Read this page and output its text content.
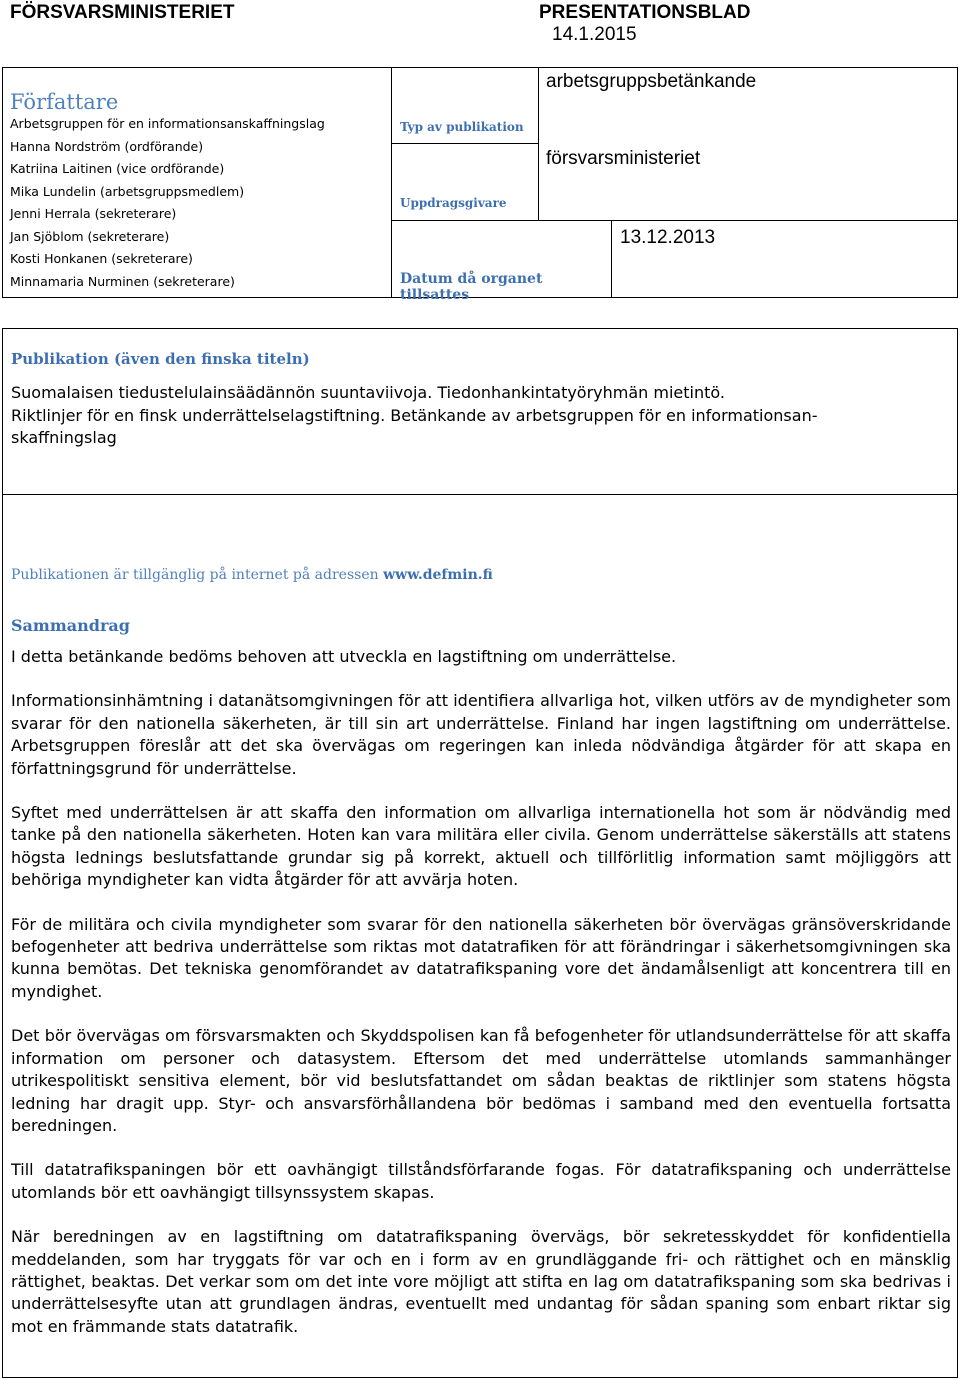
FÖRSVARSMINISTERIET	PRESENTATIONSBLAD
14.1.2015
Författare
Arbetsgruppen för en informationsanskaffningslag
Hanna Nordström (ordförande)
Katriina Laitinen (vice ordförande)
Mika Lundelin (arbetsgruppsmedlem)
Jenni Herrala (sekreterare)
Jan Sjöblom (sekreterare)
Kosti Honkanen (sekreterare)
Minnamaria Nurminen (sekreterare)
Typ av publikation
Uppdragsgivare
Datum då organet tillsattes
arbetsgruppsbetänkande
försvarsministeriet
13.12.2013
Publikation (även den finska titeln)
Suomalaisen tiedustelulainsäädännön suuntaviivoja. Tiedonhankintatyöryhmän mietintö.
Riktlinjer för en finsk underrättelselagstiftning. Betänkande av arbetsgruppen för en informationsan-
skaffningslag
Publikationen är tillgänglig på internet på adressen www.defmin.fi
Sammandrag

I detta betänkande bedöms behoven att utveckla en lagstiftning om underrättelse.

Informationsinhämtning i datanätsomgivningen för att identifiera allvarliga hot, vilken utförs av de myndigheter som svarar för den nationella säkerheten, är till sin art underrättelse. Finland har ingen lagstiftning om underrättelse. Arbetsgruppen föreslår att det ska övervägas om regeringen kan inleda nödvändiga åtgärder för att skapa en författningsgrund för underrättelse.

Syftet med underrättelsen är att skaffa den information om allvarliga internationella hot som är nödvändig med tanke på den nationella säkerheten. Hoten kan vara militära eller civila. Genom underrättelse säkerställs att statens högsta lednings beslutsfattande grundar sig på korrekt, aktuell och tillförlitlig information samt möjliggörs att behöriga myndigheter kan vidta åtgärder för att avvärja hoten.

För de militära och civila myndigheter som svarar för den nationella säkerheten bör övervägas gränsöverskridande befogenheter att bedriva underrättelse som riktas mot datatrafiken för att förändringar i säkerhetsomgivningen ska kunna bemötas. Det tekniska genomförandet av datatrafikspaning vore det ändamålsenligt att koncentrera till en myndighet.

Det bör övervägas om försvarsmakten och Skyddspolisen kan få befogenheter för utlandsunderrättelse för att skaffa information om personer och datasystem. Eftersom det med underrättelse utomlands sammanhänger utrikespolitiskt sensitiva element, bör vid beslutsfattandet om sådan beaktas de riktlinjer som statens högsta ledning har dragit upp. Styr- och ansvarsförhållandena bör bedömas i samband med den eventuella fortsatta beredningen.

Till datatrafikspaningen bör ett oavhängigt tillståndsförfarande fogas. För datatrafikspaning och underrättelse utomlands bör ett oavhängigt tillsynssystem skapas.

När beredningen av en lagstiftning om datatrafikspaning övervägs, bör sekretesskyddet för konfidentiella meddelanden, som har tryggats för var och en i form av en grundläggande fri- och rättighet och en mänsklig rättighet, beaktas. Det verkar som om det inte vore möjligt att stifta en lag om datatrafikspaning som ska bedrivas i underrättelsesyfte utan att grundlagen ändras, eventuellt med undantag för sådan spaning som enbart riktar sig mot en främmande stats datatrafik.
